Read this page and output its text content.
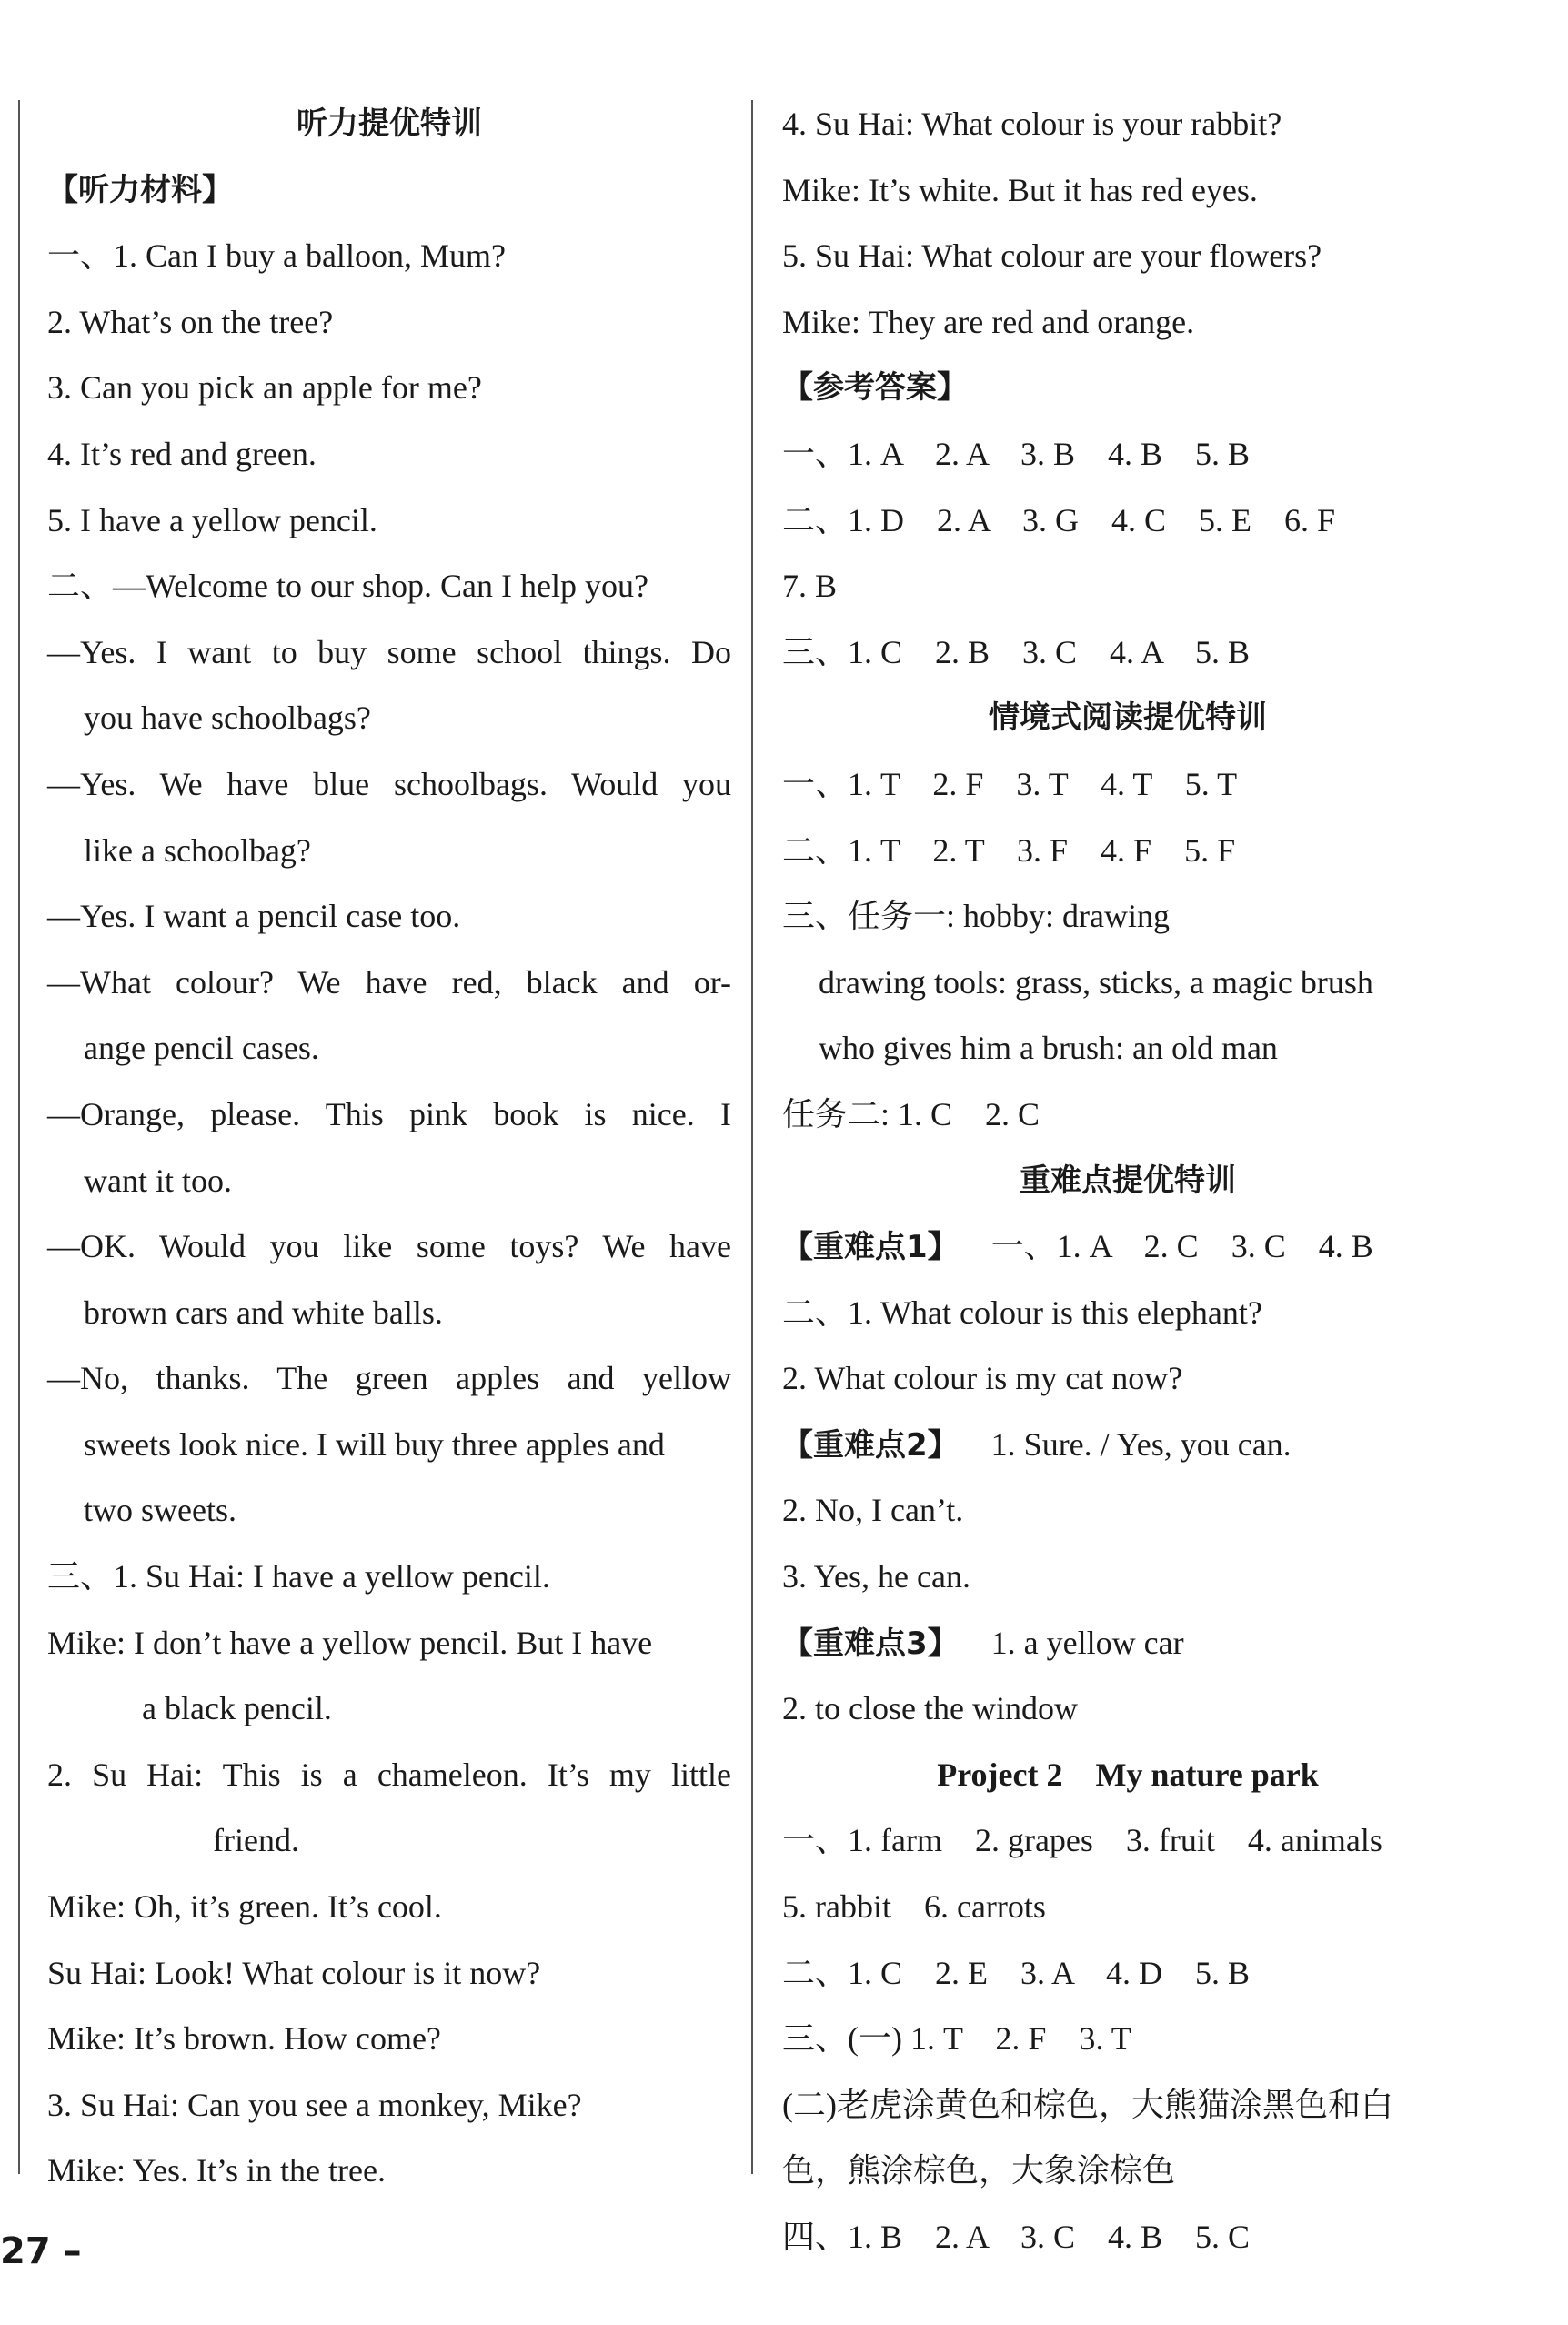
听力提优特训
【听力材料】
一、1. Can I buy a balloon, Mum?
2. What’s on the tree?
3. Can you pick an apple for me?
4. It’s red and green.
5. I have a yellow pencil.
二、—Welcome to our shop. Can I help you?
—Yes. I want to buy some school things. Do
you have schoolbags?
—Yes. We have blue schoolbags. Would you
like a schoolbag?
—Yes. I want a pencil case too.
—What colour? We have red, black and or-
ange pencil cases.
—Orange, please. This pink book is nice. I
want it too.
—OK. Would you like some toys? We have
brown cars and white balls.
—No, thanks. The green apples and yellow
sweets look nice. I will buy three apples and
two sweets.
三、1. Su Hai: I have a yellow pencil.
Mike: I don’t have a yellow pencil. But I have
a black pencil.
2. Su Hai: This is a chameleon. It’s my little
friend.
Mike: Oh, it’s green. It’s cool.
Su Hai: Look! What colour is it now?
Mike: It’s brown. How come?
3. Su Hai: Can you see a monkey, Mike?
Mike: Yes. It’s in the tree.
4. Su Hai: What colour is your rabbit?
Mike: It’s white. But it has red eyes.
5. Su Hai: What colour are your flowers?
Mike: They are red and orange.
【参考答案】
一、1. A　2. A　3. B　4. B　5. B
二、1. D　2. A　3. G　4. C　5. E　6. F
7. B
三、1. C　2. B　3. C　4. A　5. B
情境式阅读提优特训
一、1. T　2. F　3. T　4. T　5. T
二、1. T　2. T　3. F　4. F　5. F
三、任务一: hobby: drawing
drawing tools: grass, sticks, a magic brush
who gives him a brush: an old man
任务二: 1. C　2. C
重难点提优特训
【重难点1】  一、1. A　2. C　3. C　4. B
二、1. What colour is this elephant?
2. What colour is my cat now?
【重难点2】  1. Sure. / Yes, you can.
2. No, I can’t.
3. Yes, he can.
【重难点3】  1. a yellow car
2. to close the window
Project 2　My nature park
一、1. farm　2. grapes　3. fruit　4. animals
5. rabbit　6. carrots
二、1. C　2. E　3. A　4. D　5. B
三、(一) 1. T　2. F　3. T
(二)老虎涂黄色和棕色，大熊猫涂黑色和白
色，熊涂棕色，大象涂棕色
四、1. B　2. A　3. C　4. B　5. C
27 –
